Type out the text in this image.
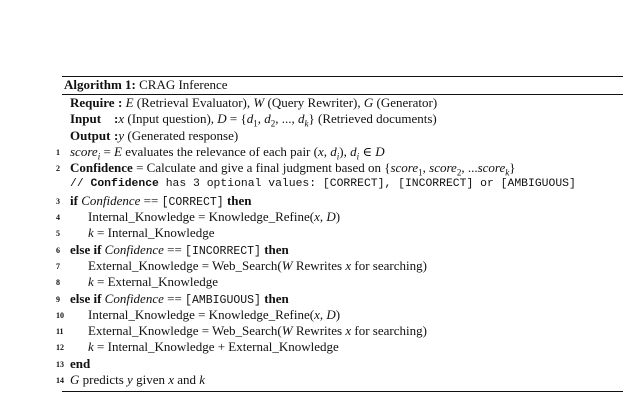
Algorithm 1: CRAG Inference
Require : E (Retrieval Evaluator), W (Query Rewriter), G (Generator)
Input :x (Input question), $D = \{d_1$, $d_2$, ..., $d_k$} (Retrieved documents)
Output :y (Generated response)
1 score$_i$ = E evaluates the relevance of each pair (x, $d_i$), $d_i$ ∈ D
2 Confidence = Calculate and give a final judgment based on {score$_1$, score$_2$, ...score$_k$}
// Confidence has 3 optional values: [CORRECT], [INCORRECT] or [AMBIGUOUS]
3 if Confidence == [CORRECT] then
4	Internal_Knowledge = Knowledge_Refine(x, D)
5	k = Internal_Knowledge
6 else if Confidence == [INCORRECT] then
7	External_Knowledge = Web_Search(W Rewrites x for searching)
8	k = External_Knowledge
9 else if Confidence == [AMBIGUOUS] then
10 Internal_Knowledge = Knowledge_Refine(x, D)
11 External_Knowledge = Web_Search(W Rewrites x for searching)
12 k = Internal_Knowledge + External_Knowledge
13 end
14 G predicts y given x and k
